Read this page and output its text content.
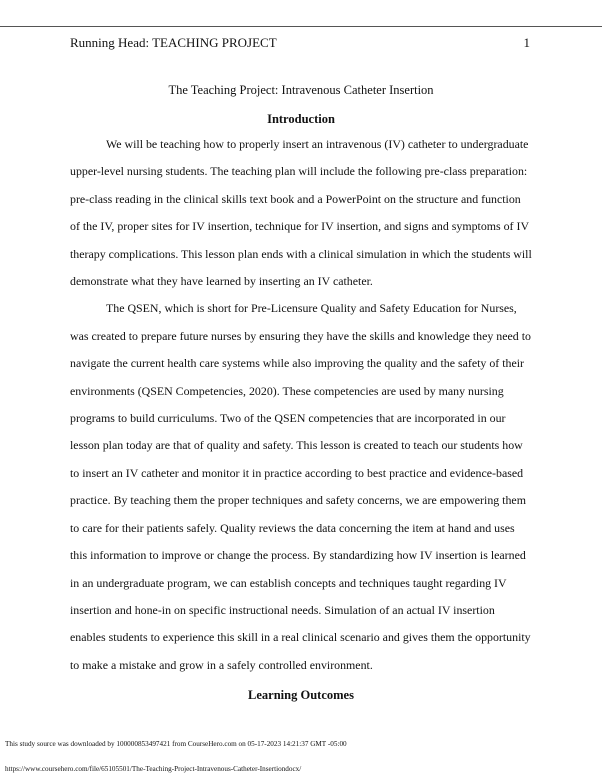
Running Head: TEACHING PROJECT	1
The Teaching Project: Intravenous Catheter Insertion
Introduction

We will be teaching how to properly insert an intravenous (IV) catheter to undergraduate upper-level nursing students. The teaching plan will include the following pre-class preparation: pre-class reading in the clinical skills text book and a PowerPoint on the structure and function of the IV, proper sites for IV insertion, technique for IV insertion, and signs and symptoms of IV therapy complications. This lesson plan ends with a clinical simulation in which the students will demonstrate what they have learned by inserting an IV catheter.

The QSEN, which is short for Pre-Licensure Quality and Safety Education for Nurses, was created to prepare future nurses by ensuring they have the skills and knowledge they need to navigate the current health care systems while also improving the quality and the safety of their environments (QSEN Competencies, 2020). These competencies are used by many nursing programs to build curriculums. Two of the QSEN competencies that are incorporated in our lesson plan today are that of quality and safety. This lesson is created to teach our students how to insert an IV catheter and monitor it in practice according to best practice and evidence-based practice. By teaching them the proper techniques and safety concerns, we are empowering them to care for their patients safely. Quality reviews the data concerning the item at hand and uses this information to improve or change the process. By standardizing how IV insertion is learned in an undergraduate program, we can establish concepts and techniques taught regarding IV insertion and hone-in on specific instructional needs. Simulation of an actual IV insertion enables students to experience this skill in a real clinical scenario and gives them the opportunity to make a mistake and grow in a safely controlled environment.

Learning Outcomes
This study source was downloaded by 100000853497421 from CourseHero.com on 05-17-2023 14:21:37 GMT -05:00
https://www.coursehero.com/file/65105501/The-Teaching-Project-Intravenous-Catheter-Insertiondocx/
